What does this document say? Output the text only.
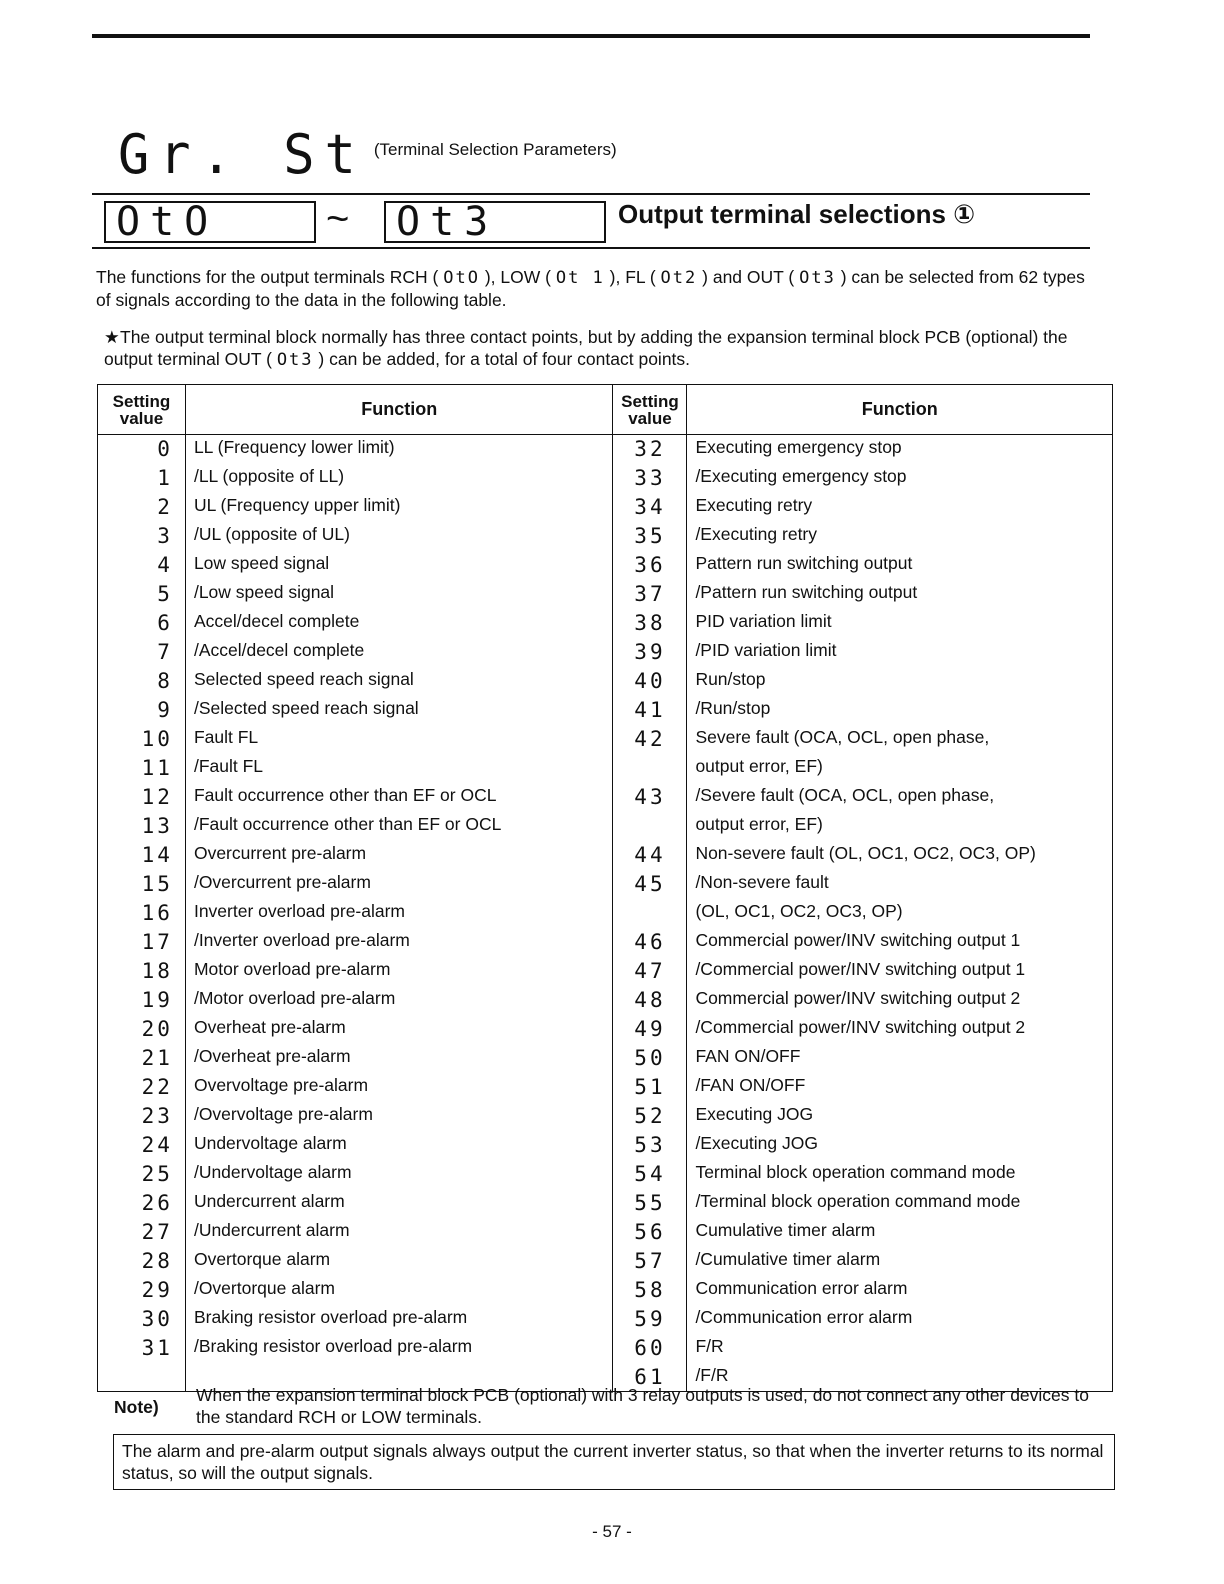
Gr. St (Terminal Selection Parameters)
OtO	~ Ot3	Output terminal selections ①
The functions for the output terminals RCH ( OtO ), LOW ( Ot 1 ), FL ( Ot2 ) and OUT ( Ot3 ) can be selected from 62 types of signals according to the data in the following table.
★The output terminal block normally has three contact points, but by adding the expansion terminal block PCB (optional) the output terminal OUT ( Ot3 ) can be added, for a total of four contact points.
Setting value	Function	Setting value	Function
0	LL (Frequency lower limit)	32	Executing emergency stop
1	/LL (opposite of LL)	33	/Executing emergency stop
2	UL (Frequency upper limit)	34	Executing retry
3	/UL (opposite of UL)	35	/Executing retry
4	Low speed signal	36	Pattern run switching output
5	/Low speed signal	37	/Pattern run switching output
6	Accel/decel complete	38	PID variation limit
7	/Accel/decel complete	39	/PID variation limit
8	Selected speed reach signal	40	Run/stop
9	/Selected speed reach signal	41	/Run/stop
10	Fault FL	42	Severe fault (OCA, OCL, open phase,
11	/Fault FL		output error, EF)
12	Fault occurrence other than EF or OCL	43	/Severe fault (OCA, OCL, open phase,
13	/Fault occurrence other than EF or OCL		output error, EF)
14	Overcurrent pre-alarm	44	Non-severe fault (OL, OC1, OC2, OC3, OP)
15	/Overcurrent pre-alarm	45	/Non-severe fault
16	Inverter overload pre-alarm		(OL, OC1, OC2, OC3, OP)
17	/Inverter overload pre-alarm	46	Commercial power/INV switching output 1
18	Motor overload pre-alarm	47	/Commercial power/INV switching output 1
19	/Motor overload pre-alarm	48	Commercial power/INV switching output 2
20	Overheat pre-alarm	49	/Commercial power/INV switching output 2
21	/Overheat pre-alarm	50	FAN ON/OFF
22	Overvoltage pre-alarm	51	/FAN ON/OFF
23	/Overvoltage pre-alarm	52	Executing JOG
24	Undervoltage alarm	53	/Executing JOG
25	/Undervoltage alarm	54	Terminal block operation command mode
26	Undercurrent alarm	55	/Terminal block operation command mode
27	/Undercurrent alarm	56	Cumulative timer alarm
28	Overtorque alarm	57	/Cumulative timer alarm
29	/Overtorque alarm	58	Communication error alarm
30	Braking resistor overload pre-alarm	59	/Communication error alarm
31	/Braking resistor overload pre-alarm	60	F/R
		61	/F/R
Note)
When the expansion terminal block PCB (optional) with 3 relay outputs is used, do not connect any other devices to the standard RCH or LOW terminals.
The alarm and pre-alarm output signals always output the current inverter status, so that when the inverter returns to its normal status, so will the output signals.
- 57 -
